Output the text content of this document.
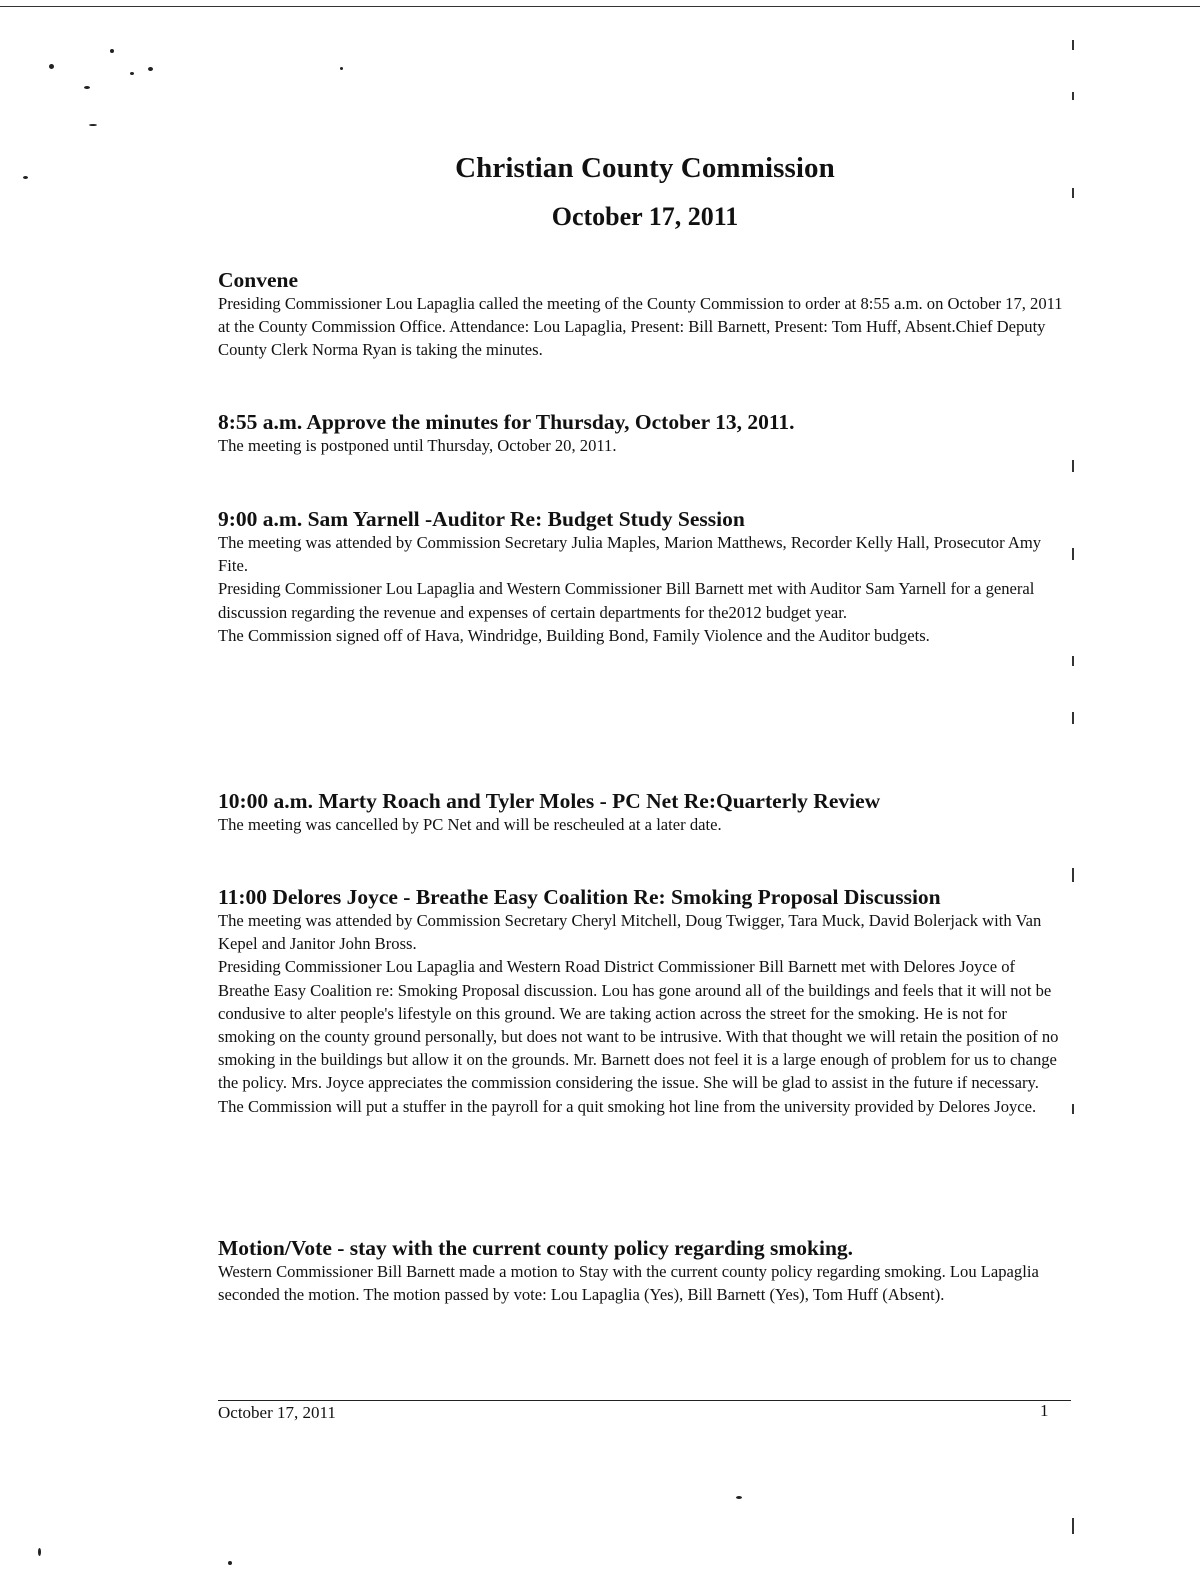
Christian County Commission
October 17, 2011
Convene

Presiding Commissioner Lou Lapaglia called the meeting of the County Commission to order at 8:55 a.m. on October 17, 2011 at the County Commission Office. Attendance: Lou Lapaglia, Present: Bill Barnett, Present: Tom Huff, Absent.Chief Deputy County Clerk Norma Ryan is taking the minutes.

8:55 a.m. Approve the minutes for Thursday, October 13, 2011.

The meeting is postponed until Thursday, October 20, 2011.

9:00 a.m. Sam Yarnell -Auditor Re: Budget Study Session

The meeting was attended by Commission Secretary Julia Maples, Marion Matthews, Recorder Kelly Hall, Prosecutor Amy Fite.

Presiding Commissioner Lou Lapaglia and Western Commissioner Bill Barnett met with Auditor Sam Yarnell for a general discussion regarding the revenue and expenses of certain departments for the2012 budget year.

The Commission signed off of Hava, Windridge, Building Bond, Family Violence and the Auditor budgets.

10:00 a.m. Marty Roach and Tyler Moles - PC Net Re:Quarterly Review

The meeting was cancelled by PC Net and will be rescheuled at a later date.

11:00 Delores Joyce - Breathe Easy Coalition Re: Smoking Proposal Discussion

The meeting was attended by Commission Secretary Cheryl Mitchell, Doug Twigger, Tara Muck, David Bolerjack with Van Kepel and Janitor John Bross.

Presiding Commissioner Lou Lapaglia and Western Road District Commissioner Bill Barnett met with Delores Joyce of Breathe Easy Coalition re: Smoking Proposal discussion. Lou has gone around all of the buildings and feels that it will not be condusive to alter people's lifestyle on this ground. We are taking action across the street for the smoking. He is not for smoking on the county ground personally, but does not want to be intrusive. With that thought we will retain the position of no smoking in the buildings but allow it on the grounds. Mr. Barnett does not feel it is a large enough of problem for us to change the policy. Mrs. Joyce appreciates the commission considering the issue. She will be glad to assist in the future if necessary. The Commission will put a stuffer in the payroll for a quit smoking hot line from the university provided by Delores Joyce.

Motion/Vote - stay with the current county policy regarding smoking.

Western Commissioner Bill Barnett made a motion to Stay with the current county policy regarding smoking. Lou Lapaglia seconded the motion. The motion passed by vote: Lou Lapaglia (Yes), Bill Barnett (Yes), Tom Huff (Absent).

October 17, 2011	1
